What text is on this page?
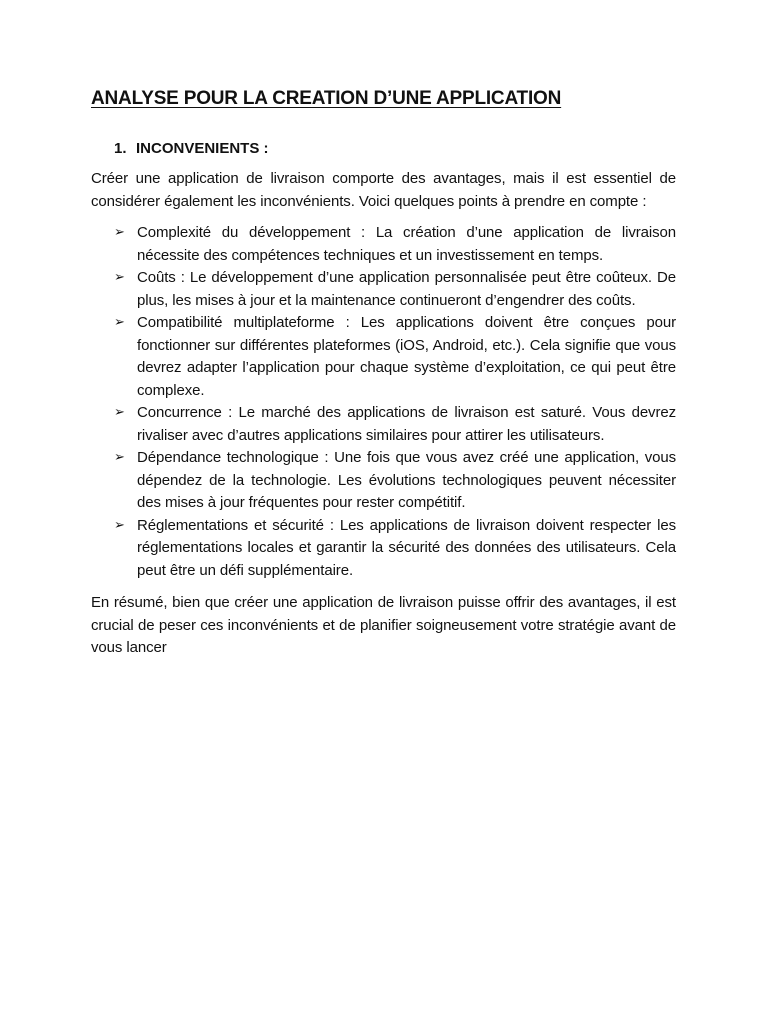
ANALYSE POUR LA CREATION D’UNE APPLICATION
1. INCONVENIENTS :

Créer une application de livraison comporte des avantages, mais il est essentiel de considérer également les inconvénients. Voici quelques points à prendre en compte :

➢ Complexité du développement : La création d’une application de livraison nécessite des compétences techniques et un investissement en temps.
➢ Coûts : Le développement d’une application personnalisée peut être coûteux. De plus, les mises à jour et la maintenance continueront d’engendrer des coûts.
➢ Compatibilité multiplateforme : Les applications doivent être conçues pour fonctionner sur différentes plateformes (iOS, Android, etc.). Cela signifie que vous devrez adapter l’application pour chaque système d’exploitation, ce qui peut être complexe.
➢ Concurrence : Le marché des applications de livraison est saturé. Vous devrez rivaliser avec d’autres applications similaires pour attirer les utilisateurs.
➢ Dépendance technologique : Une fois que vous avez créé une application, vous dépendez de la technologie. Les évolutions technologiques peuvent nécessiter des mises à jour fréquentes pour rester compétitif.
➢ Réglementations et sécurité : Les applications de livraison doivent respecter les réglementations locales et garantir la sécurité des données des utilisateurs. Cela peut être un défi supplémentaire.

En résumé, bien que créer une application de livraison puisse offrir des avantages, il est crucial de peser ces inconvénients et de planifier soigneusement votre stratégie avant de vous lancer
